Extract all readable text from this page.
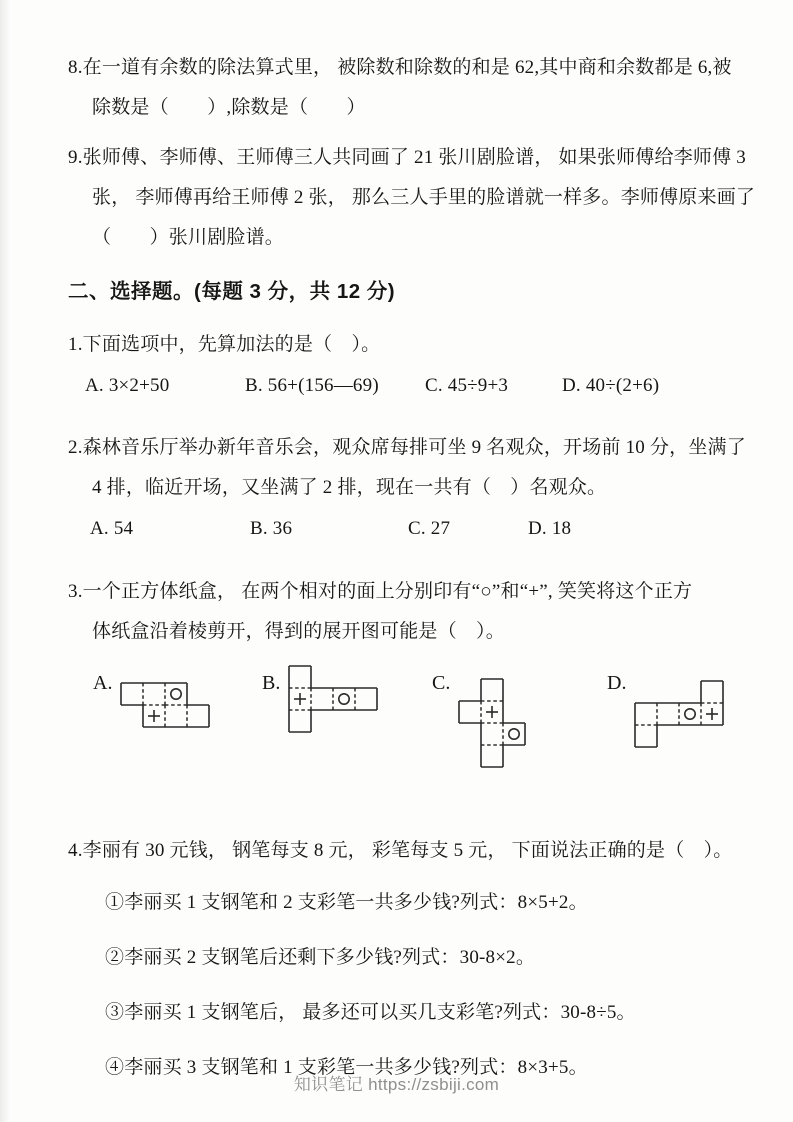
8.在一道有余数的除法算式里， 被除数和除数的和是 62,其中商和余数都是 6,被
除数是（　　）,除数是（　　）
9.张师傅、李师傅、王师傅三人共同画了 21 张川剧脸谱， 如果张师傅给李师傅 3
张， 李师傅再给王师傅 2 张， 那么三人手里的脸谱就一样多。李师傅原来画了
（　　）张川剧脸谱。
二、选择题。(每题 3 分，共 12 分)
1.下面选项中，先算加法的是（　）。
A. 3×2+50	B. 56+(156—69) C. 45÷9+3	D. 40÷(2+6)
2.森林音乐厅举办新年音乐会，观众席每排可坐 9 名观众，开场前 10 分，坐满了
4 排，临近开场，又坐满了 2 排，现在一共有（　）名观众。
A. 54	B. 36	C. 27	D. 18
3.一个正方体纸盒， 在两个相对的面上分别印有“○”和“+”, 笑笑将这个正方
体纸盒沿着棱剪开，得到的展开图可能是（　）。
A.	B.	C.	D.
4.李丽有 30 元钱， 钢笔每支 8 元， 彩笔每支 5 元， 下面说法正确的是（　）。
①李丽买 1 支钢笔和 2 支彩笔一共多少钱?列式：8×5+2。
②李丽买 2 支钢笔后还剩下多少钱?列式：30-8×2。
③李丽买 1 支钢笔后， 最多还可以买几支彩笔?列式：30-8÷5。
④李丽买 3 支钢笔和 1 支彩笔一共多少钱?列式：8×3+5。
知识笔记 https://zsbiji.com
